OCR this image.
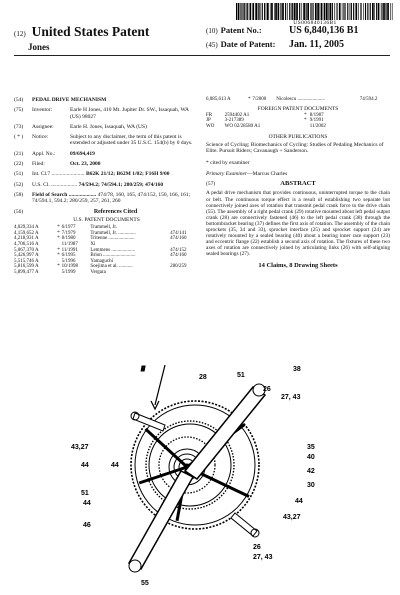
US006840136B1
(12) United States Patent
Jones
(10) Patent No.:	US 6,840,136 B1
(45) Date of Patent: Jan. 11, 2005
(54)	PEDAL DRIVE MECHANISM
(75)	Inventor:	Earle H Jones, 410 Mt. Jupiter Dr. SW., Issaquah, WA (US) 98027
(73)	Assignee:	Earle H. Jones, Issaquah, WA (US)
( * )	Notice:	Subject to any disclaimer, the term of this patent is extended or adjusted under 35 U.S.C. 154(b) by 0 days.
(21)	Appl. No.:	09/694,419
(22)	Filed:	Oct. 23, 2000
(51)	Int. Cl.7 ........................ B62K 21/12; B62M 1/02; F16H 9/00
(52)	U.S. Cl. ................... 74/594.2; 74/594.1; 280/259; 474/160
(58)	Field of Search .................... 474/78, 160, 165, 474/152, 150, 166, 161; 74/594.1, 594.2; 280/259, 257, 261, 260
(56)	References Cited
U.S. PATENT DOCUMENTS
4,029,334 A	*	6/1977	Trammell, Jr.	
4,159,652 A	*	7/1979	Trammell, Jr. ..............	474/141
4,218,931 A	*	8/1980	Tritenne .....................	474/160
4,706,516 A		11/1987	Xi	
5,067,370 A	*	11/1991	Lemmens ...................	474/152
5,426,997 A	*	6/1995	Brion ..........................	474/160
5,515,746 A		5/1996	Yamaguchi	
5,816,599 A	*	10/1998	Soejima et al. ...........	280/259
5,899,477 A		5/1999	Vergara	
6,085,613 A	*	7/2000	Nicolescu ......................	74/594.2
FOREIGN PATENT DOCUMENTS
FR	2594402 A1	*	8/1987
JP	3-217389	*	9/1991
WO	WO 02/28580 A1		11/2002
OTHER PUBLICATIONS
Science of Cycling; Biomechanics of Cycling: Studies of Pedaling Mechanics of Elite. Pursuit Riders; Cavanaugh + Sanderson.
* cited by examiner
Primary Examiner—Marcus Charles
(57)	ABSTRACT
A pedal drive mechanism that provides continuous, uninterrupted torque to the chain or belt. The continuous torque effect is a result of establishing two separate but connectively joined axes of rotation that transmit pedal crank force to the drive chain (55). The assembly of a right pedal crank (29) rotative mounted about left pedal output crank (28) are connectively fastened (46) to the left pedal crank (38) through the bottombracket bearing (37) defines the first axis of rotation. The assembly of the chain sprockets (35, 34 and 33), sprocket interface (25) and sprocket support (24) are rotatively mounted by a sealed bearing (40) about a bearing inner race support (23) and eccentric flange (22) establish a second axis of rotation. The fixtures of these two axes of rotation are connectively joined by articulating links (26) with self-aligning sealed bearings (27).
14 Claims, 8 Drawing Sheets
II
28
38
51
26
27, 43
43,27	35
40
42
30
44	44
51
44
46
44
43,27
26
27, 43
55
